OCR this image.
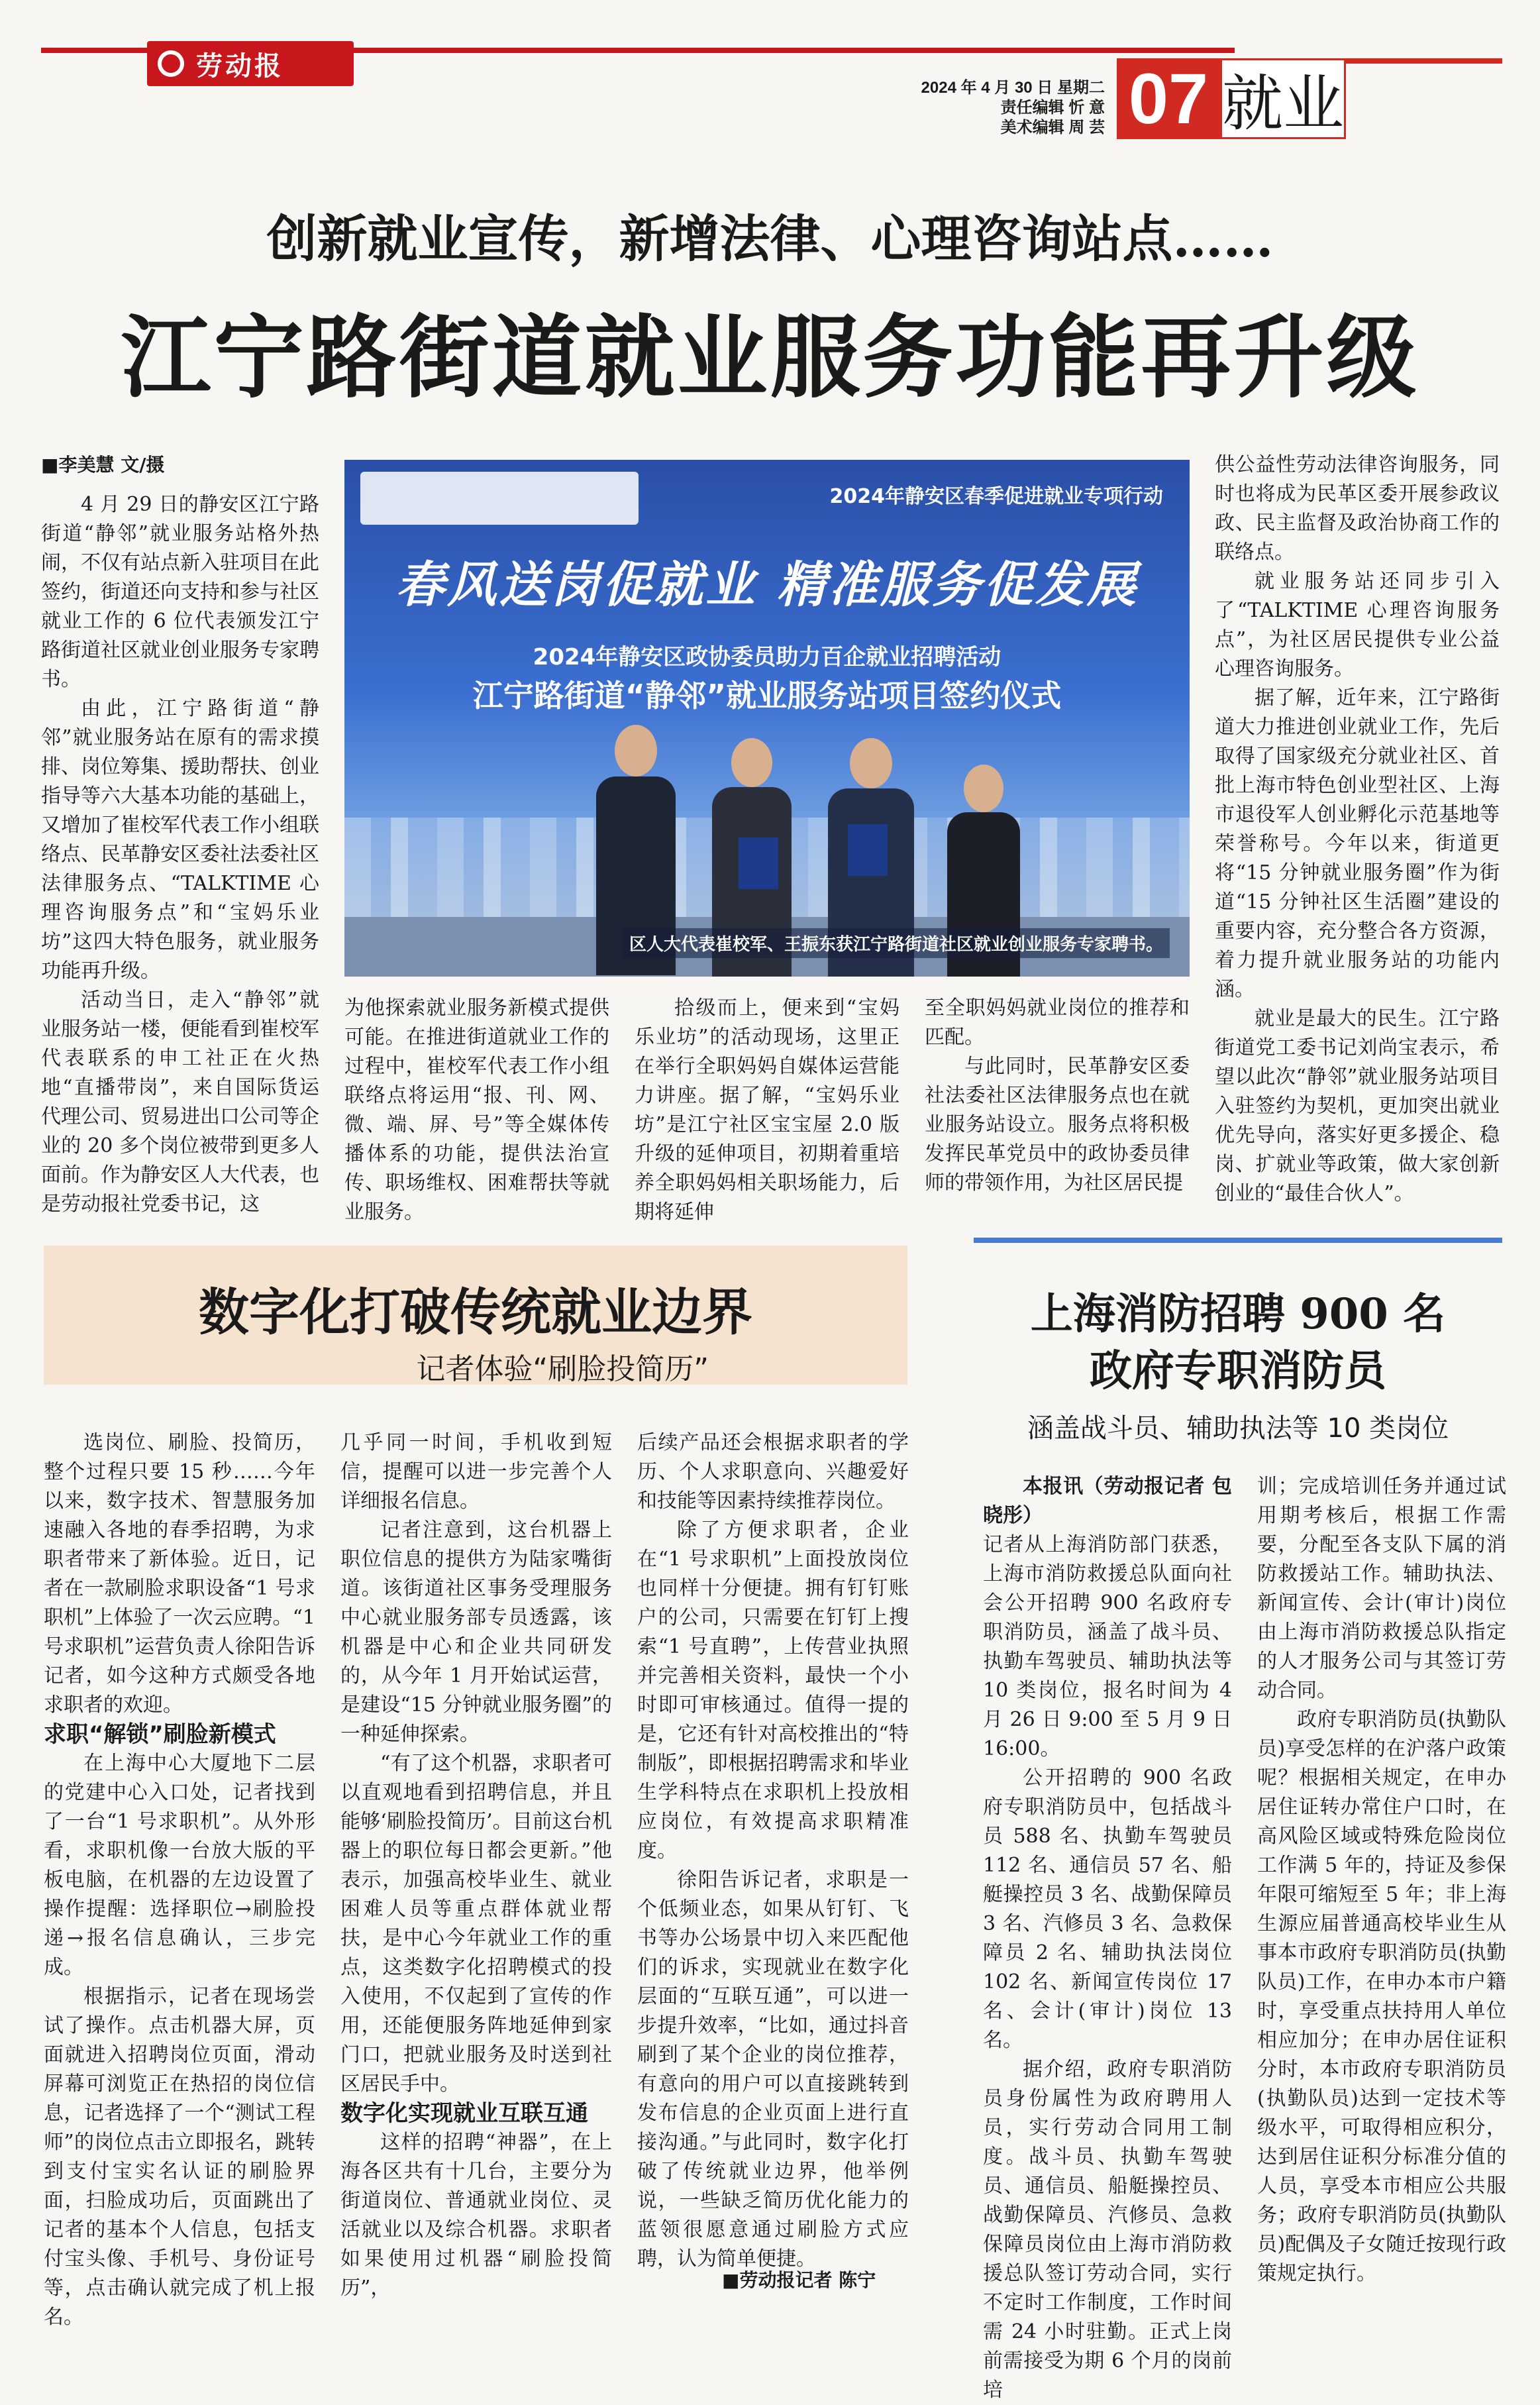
劳动报
2024 年 4 月 30 日 星期二
责任编辑 忻 意
美术编辑 周 芸 07 就业
创新就业宣传，新增法律、心理咨询站点……
江宁路街道就业服务功能再升级
■李美慧 文/摄
2024年静安区春季促进就业专项行动
春风送岗促就业 精准服务促发展
2024年静安区政协委员助力百企就业招聘活动
江宁路街道“静邻”就业服务站项目签约仪式
区人大代表崔校军、王振东获江宁路街道社区就业创业服务专家聘书。

4 月 29 日的静安区江宁路街道“静邻”就业服务站格外热闹，不仅有站点新入驻项目在此签约，街道还向支持和参与社区就业工作的 6 位代表颁发江宁路街道社区就业创业服务专家聘书。

由此，江宁路街道“静邻”就业服务站在原有的需求摸排、岗位筹集、援助帮扶、创业指导等六大基本功能的基础上，又增加了崔校军代表工作小组联络点、民革静安区委社法委社区法律服务点、“TALKTIME 心理咨询服务点”和“宝妈乐业坊”这四大特色服务，就业服务功能再升级。

活动当日，走入“静邻”就业服务站一楼，便能看到崔校军代表联系的申工社正在火热地“直播带岗”，来自国际货运代理公司、贸易进出口公司等企业的 20 多个岗位被带到更多人面前。作为静安区人大代表，也是劳动报社党委书记，这

为他探索就业服务新模式提供可能。在推进街道就业工作的过程中，崔校军代表工作小组联络点将运用“报、刊、网、微、端、屏、号”等全媒体传播体系的功能，提供法治宣传、职场维权、困难帮扶等就业服务。

拾级而上，便来到“宝妈乐业坊”的活动现场，这里正在举行全职妈妈自媒体运营能力讲座。据了解，“宝妈乐业坊”是江宁社区宝宝屋 2.0 版升级的延伸项目，初期着重培养全职妈妈相关职场能力，后期将延伸

至全职妈妈就业岗位的推荐和匹配。

与此同时，民革静安区委社法委社区法律服务点也在就业服务站设立。服务点将积极发挥民革党员中的政协委员律师的带领作用，为社区居民提

供公益性劳动法律咨询服务，同时也将成为民革区委开展参政议政、民主监督及政治协商工作的联络点。

就业服务站还同步引入了“TALKTIME 心理咨询服务点”，为社区居民提供专业公益心理咨询服务。

据了解，近年来，江宁路街道大力推进创业就业工作，先后取得了国家级充分就业社区、首批上海市特色创业型社区、上海市退役军人创业孵化示范基地等荣誉称号。今年以来，街道更将“15 分钟就业服务圈”作为街道“15 分钟社区生活圈”建设的重要内容，充分整合各方资源，着力提升就业服务站的功能内涵。

就业是最大的民生。江宁路街道党工委书记刘尚宝表示，希望以此次“静邻”就业服务站项目入驻签约为契机，更加突出就业优先导向，落实好更多援企、稳岗、扩就业等政策，做大家创新创业的“最佳合伙人”。

数字化打破传统就业边界
记者体验“刷脸投简历”

选岗位、刷脸、投简历，整个过程只要 15 秒……今年以来，数字技术、智慧服务加速融入各地的春季招聘，为求职者带来了新体验。近日，记者在一款刷脸求职设备“1 号求职机”上体验了一次云应聘。“1 号求职机”运营负责人徐阳告诉记者，如今这种方式颇受各地求职者的欢迎。

求职“解锁”刷脸新模式

在上海中心大厦地下二层的党建中心入口处，记者找到了一台“1 号求职机”。从外形看，求职机像一台放大版的平板电脑，在机器的左边设置了操作提醒：选择职位→刷脸投递→报名信息确认，三步完成。

根据指示，记者在现场尝试了操作。点击机器大屏，页面就进入招聘岗位页面，滑动屏幕可浏览正在热招的岗位信息，记者选择了一个“测试工程师”的岗位点击立即报名，跳转到支付宝实名认证的刷脸界面，扫脸成功后，页面跳出了记者的基本个人信息，包括支付宝头像、手机号、身份证号等，点击确认就完成了机上报名。

几乎同一时间，手机收到短信，提醒可以进一步完善个人详细报名信息。

记者注意到，这台机器上职位信息的提供方为陆家嘴街道。该街道社区事务受理服务中心就业服务部专员透露，该机器是中心和企业共同研发的，从今年 1 月开始试运营，是建设“15 分钟就业服务圈”的一种延伸探索。

“有了这个机器，求职者可以直观地看到招聘信息，并且能够‘刷脸投简历’。目前这台机器上的职位每日都会更新。”他表示，加强高校毕业生、就业困难人员等重点群体就业帮扶，是中心今年就业工作的重点，这类数字化招聘模式的投入使用，不仅起到了宣传的作用，还能便服务阵地延伸到家门口，把就业服务及时送到社区居民手中。

数字化实现就业互联互通

这样的招聘“神器”，在上海各区共有十几台，主要分为街道岗位、普通就业岗位、灵活就业以及综合机器。求职者如果使用过机器“刷脸投简历”，

后续产品还会根据求职者的学历、个人求职意向、兴趣爱好和技能等因素持续推荐岗位。

除了方便求职者，企业在“1 号求职机”上面投放岗位也同样十分便捷。拥有钉钉账户的公司，只需要在钉钉上搜索“1 号直聘”，上传营业执照并完善相关资料，最快一个小时即可审核通过。值得一提的是，它还有针对高校推出的“特制版”，即根据招聘需求和毕业生学科特点在求职机上投放相应岗位，有效提高求职精准度。

徐阳告诉记者，求职是一个低频业态，如果从钉钉、飞书等办公场景中切入来匹配他们的诉求，实现就业在数字化层面的“互联互通”，可以进一步提升效率，“比如，通过抖音刷到了某个企业的岗位推荐，有意向的用户可以直接跳转到发布信息的企业页面上进行直接沟通。”与此同时，数字化打破了传统就业边界，他举例说，一些缺乏简历优化能力的蓝领很愿意通过刷脸方式应聘，认为简单便捷。

■劳动报记者 陈宁
上海消防招聘 900 名
政府专职消防员
涵盖战斗员、辅助执法等 10 类岗位

本报讯（劳动报记者 包晓彤）

记者从上海消防部门获悉，上海市消防救援总队面向社会公开招聘 900 名政府专职消防员，涵盖了战斗员、执勤车驾驶员、辅助执法等 10 类岗位，报名时间为 4 月 26 日 9:00 至 5 月 9 日 16:00。

公开招聘的 900 名政府专职消防员中，包括战斗员 588 名、执勤车驾驶员 112 名、通信员 57 名、船艇操控员 3 名、战勤保障员 3 名、汽修员 3 名、急救保障员 2 名、辅助执法岗位 102 名、新闻宣传岗位 17 名、会计(审计)岗位 13 名。

据介绍，政府专职消防员身份属性为政府聘用人员，实行劳动合同用工制度。战斗员、执勤车驾驶员、通信员、船艇操控员、战勤保障员、汽修员、急救保障员岗位由上海市消防救援总队签订劳动合同，实行不定时工作制度，工作时间需 24 小时驻勤。正式上岗前需接受为期 6 个月的岗前培

训；完成培训任务并通过试用期考核后，根据工作需要，分配至各支队下属的消防救援站工作。辅助执法、新闻宣传、会计(审计)岗位由上海市消防救援总队指定的人才服务公司与其签订劳动合同。

政府专职消防员(执勤队员)享受怎样的在沪落户政策呢？根据相关规定，在申办居住证转办常住户口时，在高风险区域或特殊危险岗位工作满 5 年的，持证及参保年限可缩短至 5 年；非上海生源应届普通高校毕业生从事本市政府专职消防员(执勤队员)工作，在申办本市户籍时，享受重点扶持用人单位相应加分；在申办居住证积分时，本市政府专职消防员(执勤队员)达到一定技术等级水平，可取得相应积分，达到居住证积分标准分值的人员，享受本市相应公共服务；政府专职消防员(执勤队员)配偶及子女随迁按现行政策规定执行。
